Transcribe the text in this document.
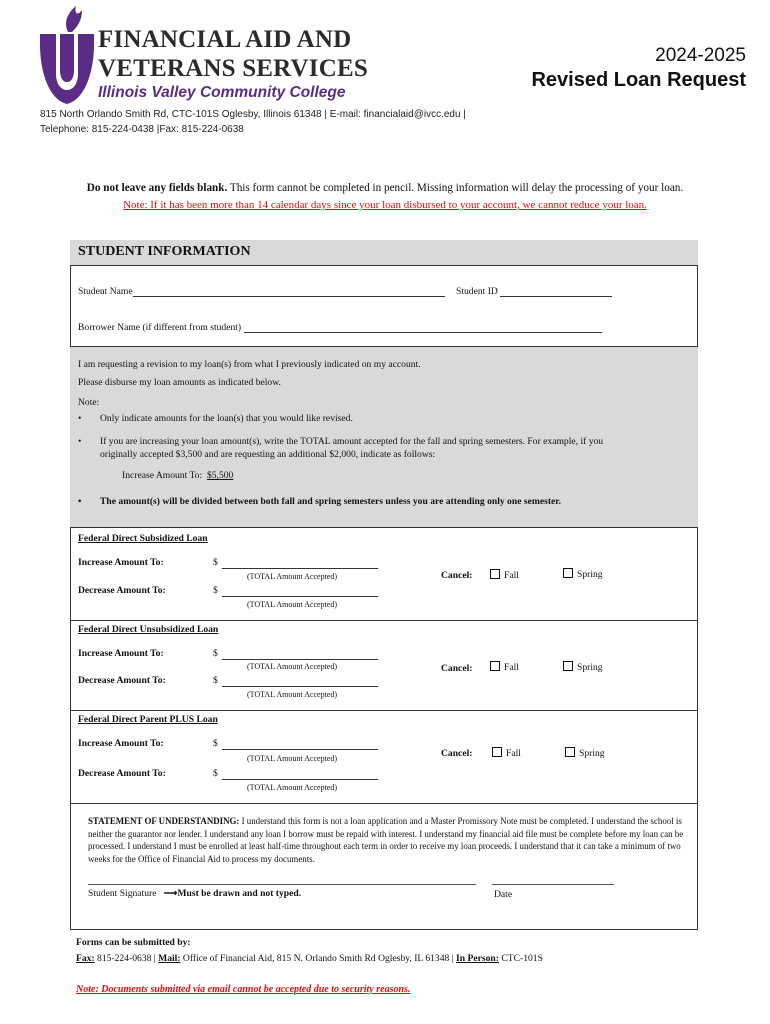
FINANCIAL AID AND
VETERANS SERVICES
Illinois Valley Community College
815 North Orlando Smith Rd, CTC-101S Oglesby, Illinois 61348 | E-mail: financialaid@ivcc.edu |
Telephone: 815-224-0438 |Fax: 815-224-0638
2024-2025
Revised Loan Request
Do not leave any fields blank. This form cannot be completed in pencil. Missing information will delay the processing of your loan.
Note: If it has been more than 14 calendar days since your loan disbursed to your account, we cannot reduce your loan.
STUDENT INFORMATION
Student Name	Student ID
Borrower Name (if different from student)
I am requesting a revision to my loan(s) from what I previously indicated on my account.
Please disburse my loan amounts as indicated below.
Note:
• Only indicate amounts for the loan(s) that you would like revised.
• If you are increasing your loan amount(s), write the TOTAL amount accepted for the fall and spring semesters. For example, if you
originally accepted $3,500 and are requesting an additional $2,000, indicate as follows:
Increase Amount To: $5,500
• The amount(s) will be divided between both fall and spring semesters unless you are attending only one semester.
Federal Direct Subsidized Loan
Increase Amount To:	$
(TOTAL Amount Accepted)
Decrease Amount To:	$
(TOTAL Amount Accepted)
Cancel:	Fall	Spring
Federal Direct Unsubsidized Loan
Increase Amount To:	$
(TOTAL Amount Accepted)
Decrease Amount To:	$
(TOTAL Amount Accepted)
Cancel:	Fall	Spring
Federal Direct Parent PLUS Loan
Increase Amount To:	$
(TOTAL Amount Accepted)
Decrease Amount To:	$
(TOTAL Amount Accepted)
Cancel:	Fall	Spring
STATEMENT OF UNDERSTANDING: I understand this form is not a loan application and a Master Promissory Note must be completed. I understand the school is neither the guarantor nor lender. I understand any loan I borrow must be repaid with interest. I understand my financial aid file must be complete before my loan can be processed. I understand I must be enrolled at least half-time throughout each term in order to receive my loan proceeds. I understand that it can take a minimum of two weeks for the Office of Financial Aid to process my documents.
Student Signature ⟶Must be drawn and not typed.	Date
Forms can be submitted by:
Fax: 815-224-0638 | Mail: Office of Financial Aid, 815 N. Orlando Smith Rd Oglesby, IL 61348 | In Person: CTC-101S
Note: Documents submitted via email cannot be accepted due to security reasons.
